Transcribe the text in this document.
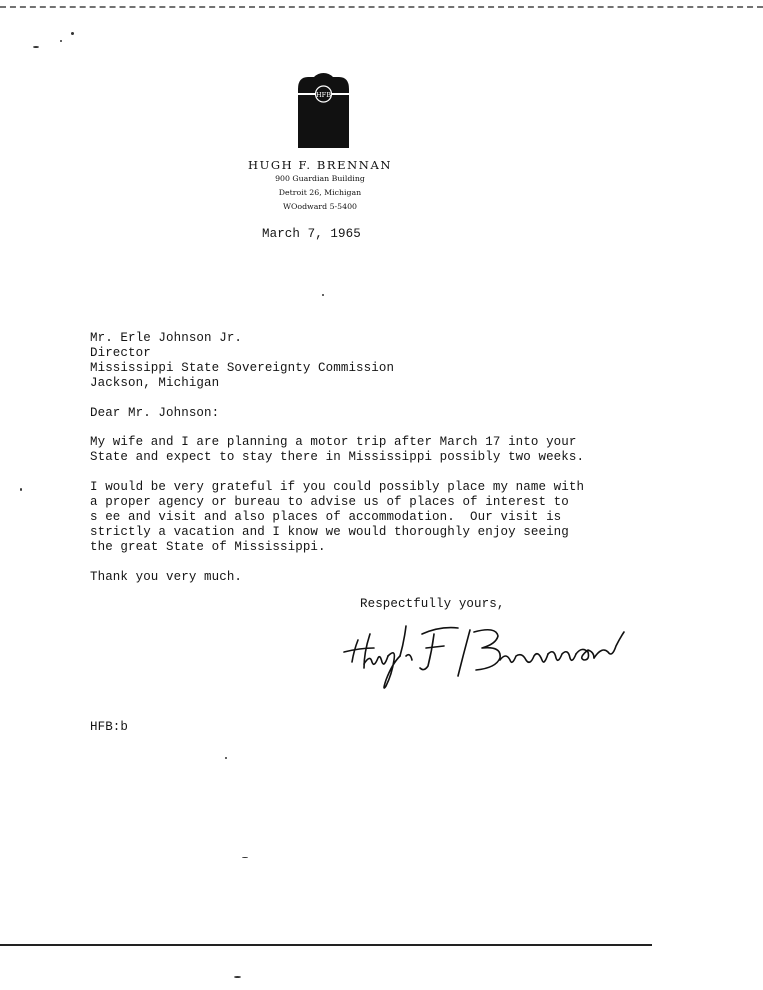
HFB
HUGH F. BRENNAN
900 Guardian Building
Detroit 26, Michigan
WOodward 5-5400
March 7, 1965
Mr. Erle Johnson Jr.
Director
Mississippi State Sovereignty Commission
Jackson, Michigan
Dear Mr. Johnson:
My wife and I are planning a motor trip after March 17 into your
State and expect to stay there in Mississippi possibly two weeks.
I would be very grateful if you could possibly place my name with
a proper agency or bureau to advise us of places of interest to
s ee and visit and also places of accommodation.  Our visit is
strictly a vacation and I know we would thoroughly enjoy seeing
the great State of Mississippi.
Thank you very much.
Respectfully yours,
HFB:b
